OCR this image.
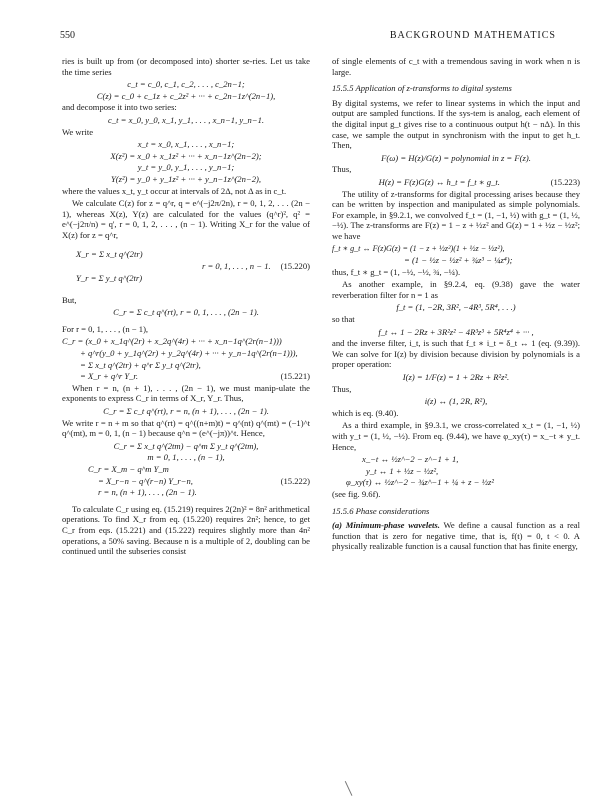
550	BACKGROUND MATHEMATICS

ries is built up from (or decomposed into) shorter se-ries. Let us take the time series

c_t = c_0, c_1, c_2, . . . , c_2n−1;
C(z) = c_0 + c_1z + c_2z² + ··· + c_2n−1z^(2n−1),

and decompose it into two series:

c_t = x_0, y_0, x_1, y_1, . . . , x_n−1, y_n−1.

We write

x_t = x_0, x_1, . . . , x_n−1;
X(z²) = x_0 + x_1z² + ··· + x_n−1z^(2n−2);
y_t = y_0, y_1, . . . , y_n−1;
Y(z²) = y_0 + y_1z² + ··· + y_n−1z^(2n−2),

where the values x_t, y_t occur at intervals of 2Δ, not Δ as in c_t.

We calculate C(z) for z = q^r, q = e^(−j2π/2n), r = 0, 1, 2, . . . (2n − 1), whereas X(z), Y(z) are calculated for the values (q^r)², q² = e^(−j2π/n) = q', r = 0, 1, 2, . . . , (n − 1). Writing X_r for the value of X(z) for z = q^r,

X_r = Σ x_t q^(2tr)
Y_r = Σ y_t q^(2tr)
r = 0, 1, . . . , n − 1.	(15.220)

But,

C_r = Σ c_t q^(rt), r = 0, 1, . . . , (2n − 1).

For r = 0, 1, . . . , (n − 1),

C_r = (x_0 + x_1q^(2r) + x_2q^(4r) + ··· + x_n−1q^(2r(n−1)))
+ q^r(y_0 + y_1q^(2r) + y_2q^(4r) + ··· + y_n−1q^(2r(n−1))),
= Σ x_t q^(2tr) + q^r Σ y_t q^(2tr),
= X_r + q^r Y_r.	(15.221)

When r = n, (n + 1), . . . , (2n − 1), we must manip-ulate the exponents to express C_r in terms of X_r, Y_r. Thus,

C_r = Σ c_t q^(rt), r = n, (n + 1), . . . , (2n − 1).

We write r = n + m so that q^(rt) = q^((n+m)t) = q^(nt) q^(mt) = (−1)^t q^(mt), m = 0, 1, (n − 1) because q^n = (e^(−jπ))^t. Hence,

C_r = Σ x_t q^(2tm) − q^m Σ y_t q^(2tm),
m = 0, 1, . . . , (n − 1),
C_r = X_m − q^m Y_m
= X_r−n − q^(r−n) Y_r−n,	(15.222)
r = n, (n + 1), . . . , (2n − 1).

To calculate C_r using eq. (15.219) requires 2(2n)² = 8n² arithmetical operations. To find X_r from eq. (15.220) requires 2n²; hence, to get C_r from eqs. (15.221) and (15.222) requires slightly more than 4n² operations, a 50% saving. Because n is a multiple of 2, doubling can be continued until the subseries consist

of single elements of c_t with a tremendous saving in work when n is large.

15.5.5 Application of z-transforms to digital systems

By digital systems, we refer to linear systems in which the input and output are sampled functions. If the sys-tem is analog, each element of the digital input g_t gives rise to a continuous output h(t − nΔ). In this case, we sample the output in synchronism with the input to get h_t. Then,

F(ω) = H(z)/G(z) = polynomial in z = F(z).

Thus,

H(z) = F(z)G(z) ↔ h_t = f_t ∗ g_t.	(15.223)

The utility of z-transforms for digital processing arises because they can be written by inspection and manipulated as simple polynomials. For example, in §9.2.1, we convolved f_t = (1, −1, ½) with g_t = (1, ½, −½). The z-transforms are F(z) = 1 − z + ½z² and G(z) = 1 + ½z − ½z²; we have

f_t ∗ g_t ↔ F(z)G(z) = (1 − z + ½z²)(1 + ½z − ½z²),
= (1 − ½z − ½z² + ¾z³ − ¼z⁴);

thus, f_t ∗ g_t = (1, −½, −½, ¾, −¼).

As another example, in §9.2.4, eq. (9.38) gave the water reverberation filter for n = 1 as

f_t = (1, −2R, 3R², −4R³, 5R⁴, . . .)

so that

f_t ↔ 1 − 2Rz + 3R²z² − 4R³z³ + 5R⁴z⁴ + ··· ,

and the inverse filter, i_t, is such that f_t ∗ i_t = δ_t ↔ 1 (eq. (9.39)). We can solve for I(z) by division because division by polynomials is a proper operation:

I(z) = 1/F(z) = 1 + 2Rz + R²z².

Thus,

i(z) ↔ (1, 2R, R²),

which is eq. (9.40).

As a third example, in §9.3.1, we cross-correlated x_t = (1, −1, ½) with y_t = (1, ½, −½). From eq. (9.44), we have φ_xy(τ) = x_−t ∗ y_t. Hence,

x_−t ↔ ½z^−2 − z^−1 + 1,
y_t ↔ 1 + ½z − ½z²,
φ_xy(τ) ↔ ½z^−2 − ¾z^−1 + ¼ + z − ½z²

(see fig. 9.6f).

15.5.6 Phase considerations

(a) Minimum-phase wavelets. We define a causal function as a real function that is zero for negative time, that is, f(t) = 0, t < 0. A physically realizable function is a causal function that has finite energy,
